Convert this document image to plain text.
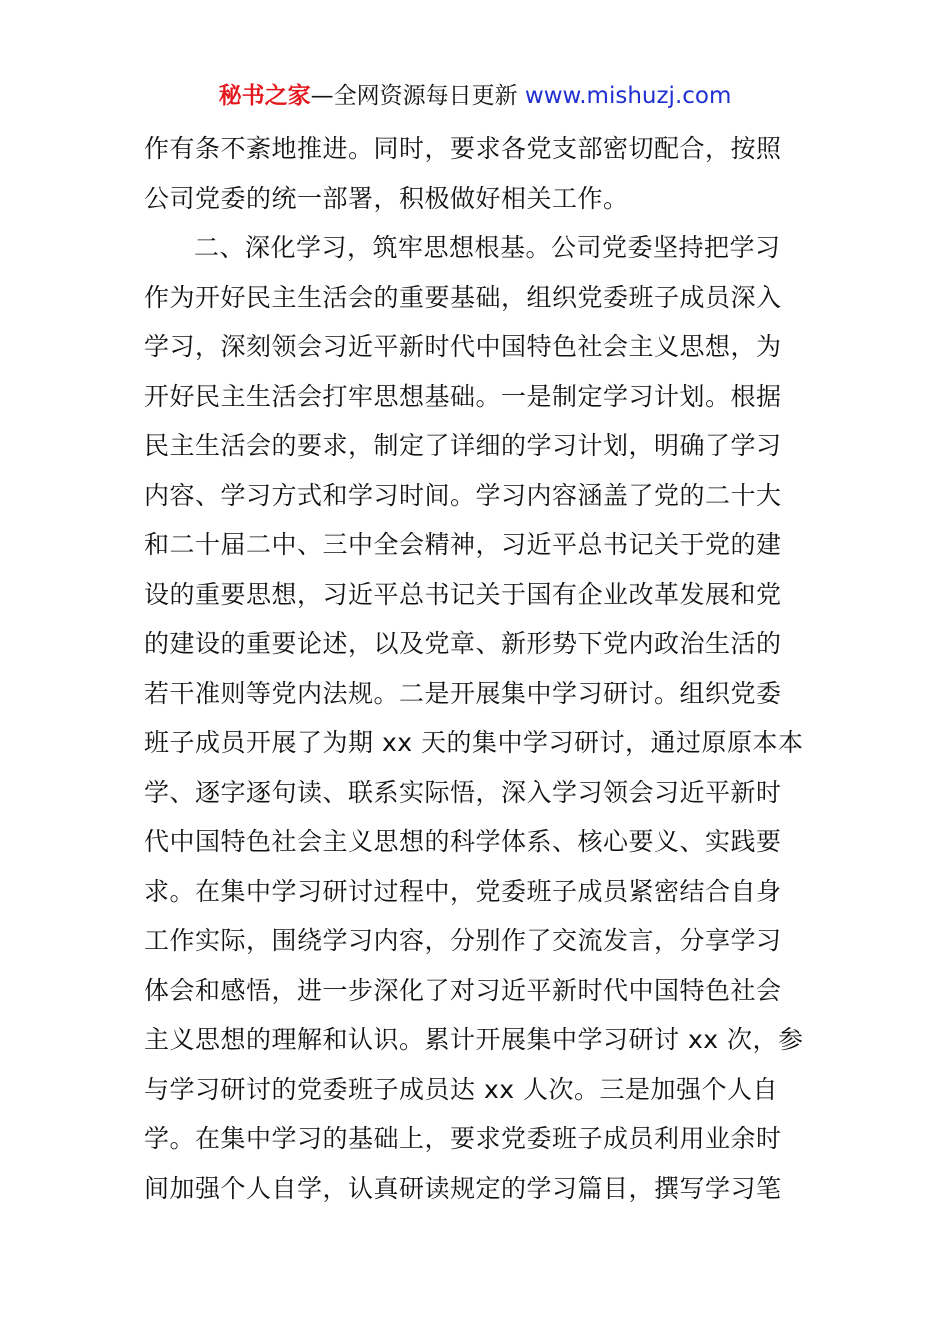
秘书之家—全网资源每日更新 www.mishuzj.com
作有条不紊地推进。同时，要求各党支部密切配合，按照
公司党委的统一部署，积极做好相关工作。
二、深化学习，筑牢思想根基。公司党委坚持把学习
作为开好民主生活会的重要基础，组织党委班子成员深入
学习，深刻领会习近平新时代中国特色社会主义思想，为
开好民主生活会打牢思想基础。一是制定学习计划。根据
民主生活会的要求，制定了详细的学习计划，明确了学习
内容、学习方式和学习时间。学习内容涵盖了党的二十大
和二十届二中、三中全会精神，习近平总书记关于党的建
设的重要思想，习近平总书记关于国有企业改革发展和党
的建设的重要论述，以及党章、新形势下党内政治生活的
若干准则等党内法规。二是开展集中学习研讨。组织党委
班子成员开展了为期 xx 天的集中学习研讨，通过原原本本
学、逐字逐句读、联系实际悟，深入学习领会习近平新时
代中国特色社会主义思想的科学体系、核心要义、实践要
求。在集中学习研讨过程中，党委班子成员紧密结合自身
工作实际，围绕学习内容，分别作了交流发言，分享学习
体会和感悟，进一步深化了对习近平新时代中国特色社会
主义思想的理解和认识。累计开展集中学习研讨 xx 次，参
与学习研讨的党委班子成员达 xx 人次。三是加强个人自
学。在集中学习的基础上，要求党委班子成员利用业余时
间加强个人自学，认真研读规定的学习篇目，撰写学习笔
